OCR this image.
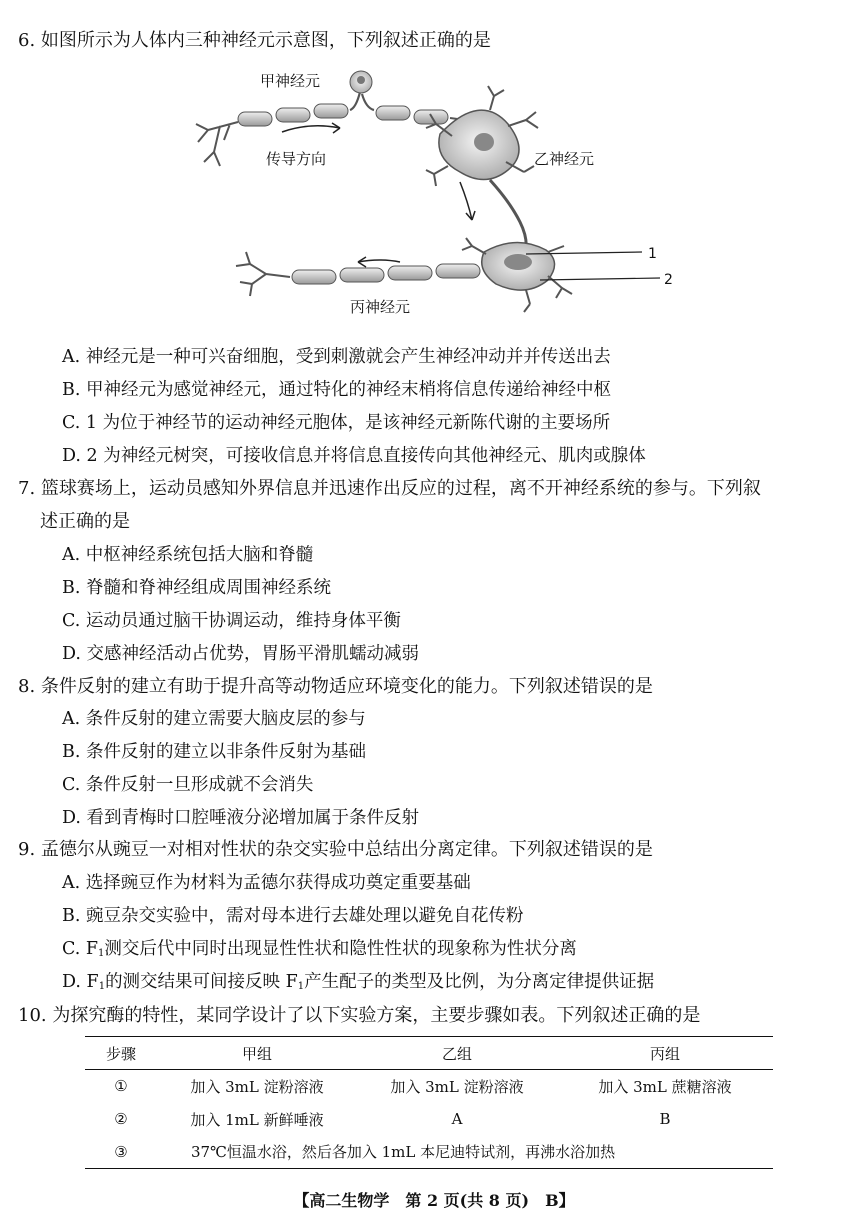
6. 如图所示为人体内三种神经元示意图，下列叙述正确的是
甲神经元
传导方向	乙神经元
丙神经元
1
2
A. 神经元是一种可兴奋细胞，受到刺激就会产生神经冲动并并传送出去
B. 甲神经元为感觉神经元，通过特化的神经末梢将信息传递给神经中枢
C. 1 为位于神经节的运动神经元胞体，是该神经元新陈代谢的主要场所
D. 2 为神经元树突，可接收信息并将信息直接传向其他神经元、肌肉或腺体
7. 篮球赛场上，运动员感知外界信息并迅速作出反应的过程，离不开神经系统的参与。下列叙
述正确的是
A. 中枢神经系统包括大脑和脊髓
B. 脊髓和脊神经组成周围神经系统
C. 运动员通过脑干协调运动，维持身体平衡
D. 交感神经活动占优势，胃肠平滑肌蠕动减弱
8. 条件反射的建立有助于提升高等动物适应环境变化的能力。下列叙述错误的是
A. 条件反射的建立需要大脑皮层的参与
B. 条件反射的建立以非条件反射为基础
C. 条件反射一旦形成就不会消失
D. 看到青梅时口腔唾液分泌增加属于条件反射
9. 孟德尔从豌豆一对相对性状的杂交实验中总结出分离定律。下列叙述错误的是
A. 选择豌豆作为材料为孟德尔获得成功奠定重要基础
B. 豌豆杂交实验中，需对母本进行去雄处理以避免自花传粉
C. $F_1$测交后代中同时出现显性性状和隐性性状的现象称为性状分离
D. $F_1$的测交结果可间接反映 $F_1$产生配子的类型及比例，为分离定律提供证据
10. 为探究酶的特性，某同学设计了以下实验方案，主要步骤如表。下列叙述正确的是
步骤	甲组	乙组	丙组
①	加入 3mL 淀粉溶液	加入 3mL 淀粉溶液	加入 3mL 蔗糖溶液
②	加入 1mL 新鲜唾液	A	B
③	37℃恒温水浴，然后各加入 1mL 本尼迪特试剂，再沸水浴加热		
【高二生物学　第 2 页(共 8 页)　B】
